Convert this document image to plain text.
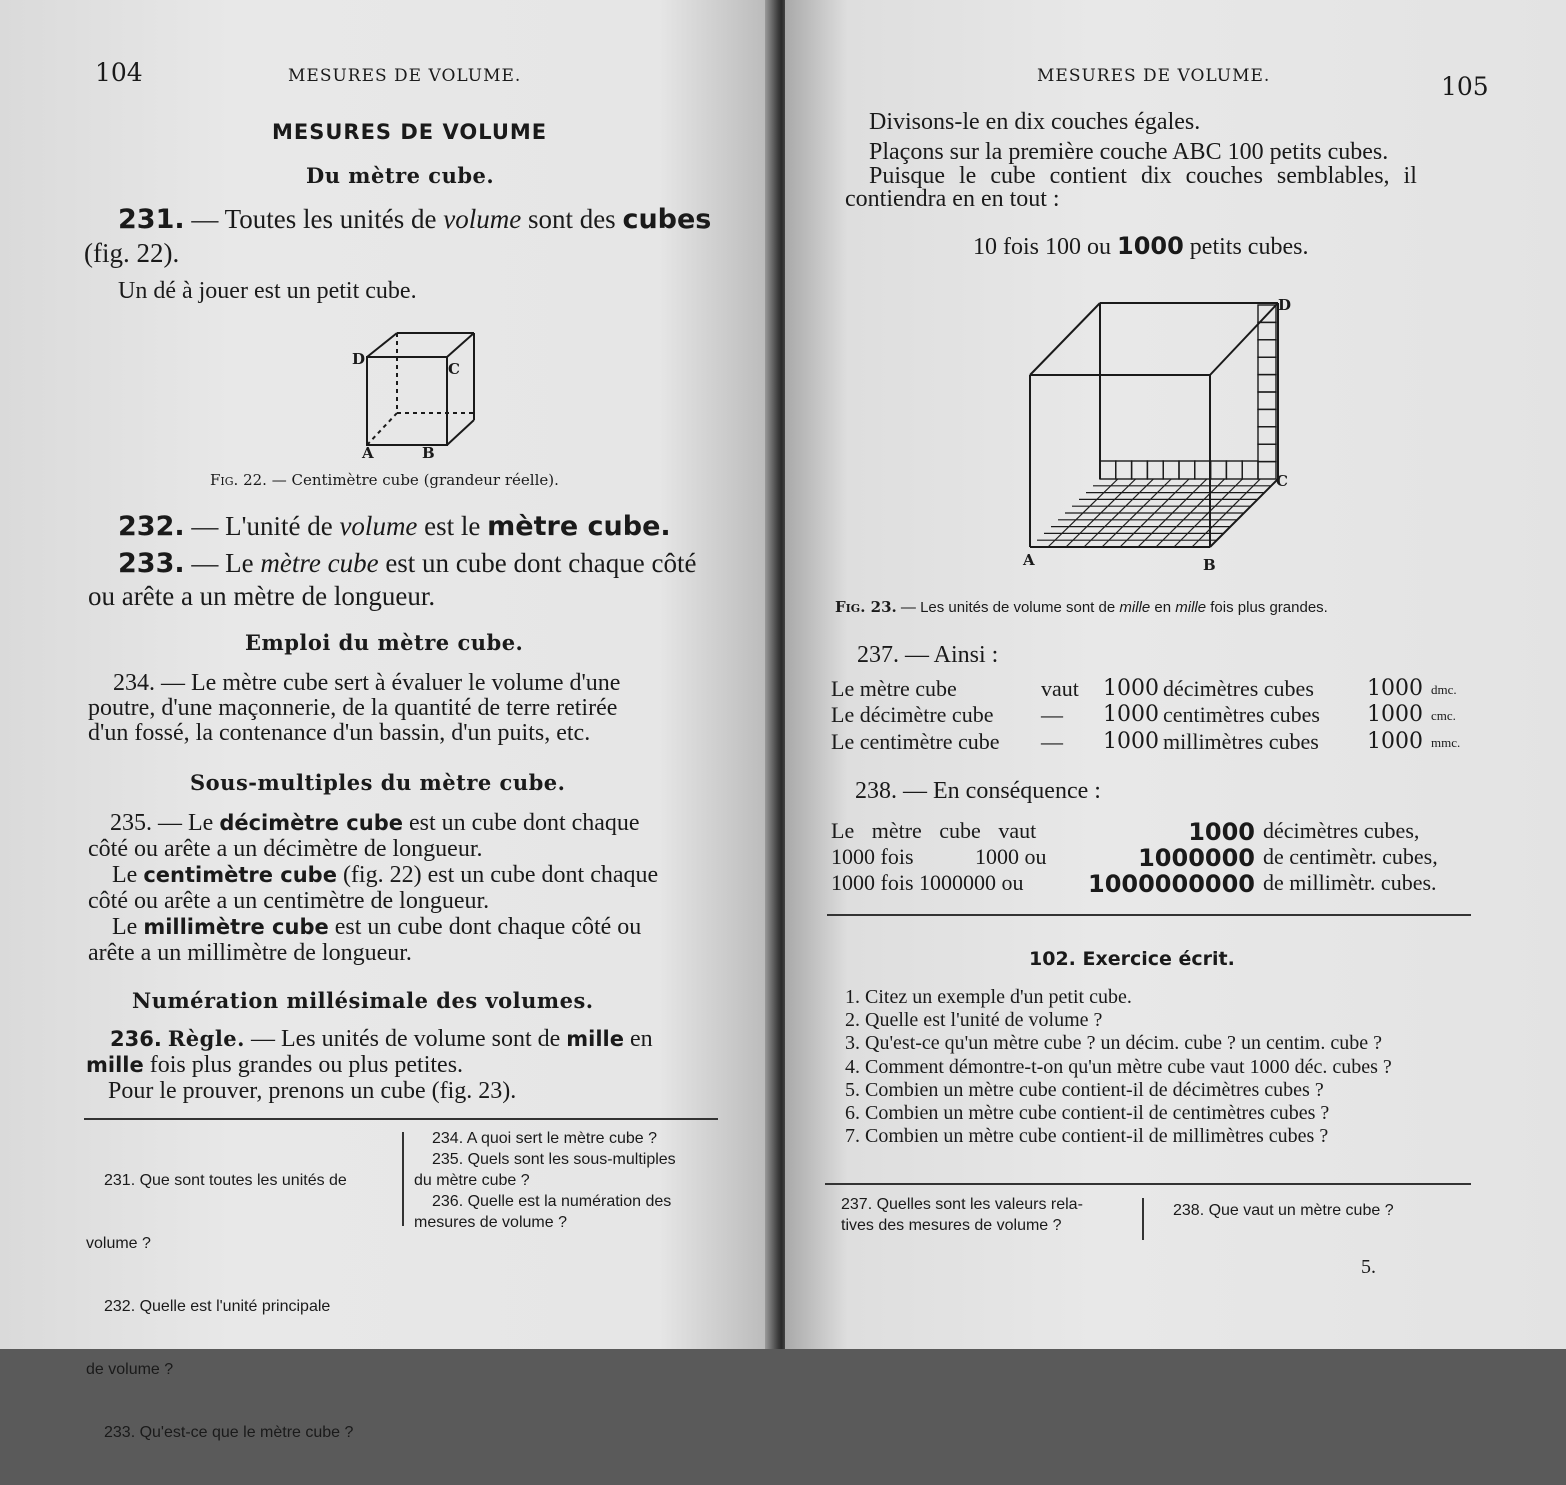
104	MESURES DE VOLUME.
MESURES DE VOLUME
Du mètre cube.
231. — Toutes les unités de volume sont des cubes
(fig. 22).
Un dé à jouer est un petit cube.
D
C
A	B
Fig. 22. — Centimètre cube (grandeur réelle).
232. — L'unité de volume est le mètre cube.
233. — Le mètre cube est un cube dont chaque côté
ou arête a un mètre de longueur.
Emploi du mètre cube.
234. — Le mètre cube sert à évaluer le volume d'une
poutre, d'une maçonnerie, de la quantité de terre retirée
d'un fossé, la contenance d'un bassin, d'un puits, etc.
Sous-multiples du mètre cube.
235. — Le décimètre cube est un cube dont chaque
côté ou arête a un décimètre de longueur.
Le centimètre cube (fig. 22) est un cube dont chaque
côté ou arête a un centimètre de longueur.
Le millimètre cube est un cube dont chaque côté ou
arête a un millimètre de longueur.
Numération millésimale des volumes.
236. Règle. — Les unités de volume sont de mille en
mille fois plus grandes ou plus petites.
Pour le prouver, prenons un cube (fig. 23).

231. Que sont toutes les unités de

volume ?

232. Quelle est l'unité principale

de volume ?

233. Qu'est-ce que le mètre cube ?

234. A quoi sert le mètre cube ?
235. Quels sont les sous-multiples
du mètre cube ?
236. Quelle est la numération des
mesures de volume ?
MESURES DE VOLUME.	105
Divisons-le en dix couches égales.
Plaçons sur la première couche ABC 100 petits cubes.
Puisque le cube contient dix couches semblables, il
contiendra en en tout :
10 fois 100 ou 1000 petits cubes.
D
C
A	B
Fig. 23. — Les unités de volume sont de mille en mille fois plus grandes.
237. — Ainsi :
238. — En conséquence :
102. Exercice écrit.
1. Citez un exemple d'un petit cube.
2. Quelle est l'unité de volume ?
3. Qu'est-ce qu'un mètre cube ? un décim. cube ? un centim. cube ?
4. Comment démontre-t-on qu'un mètre cube vaut 1000 déc. cubes ?
5. Combien un mètre cube contient-il de décimètres cubes ?
6. Combien un mètre cube contient-il de centimètres cubes ?
7. Combien un mètre cube contient-il de millimètres cubes ?
237. Quelles sont les valeurs rela-
tives des mesures de volume ?
238. Que vaut un mètre cube ?
5.
Le mètre cube	vaut 1000 décimètres cubes 1000 dmc.
Le décimètre cube — 1000 centimètres cubes 1000 cmc.
Le centimètre cube — 1000 millimètres cubes 1000 mmc.
Le mètre cube vaut	1000 décimètres cubes,
1000 fois	1000 ou	1000000 de centimètr. cubes,
1000 fois 1000000 ou	1000000000 de millimètr. cubes.
